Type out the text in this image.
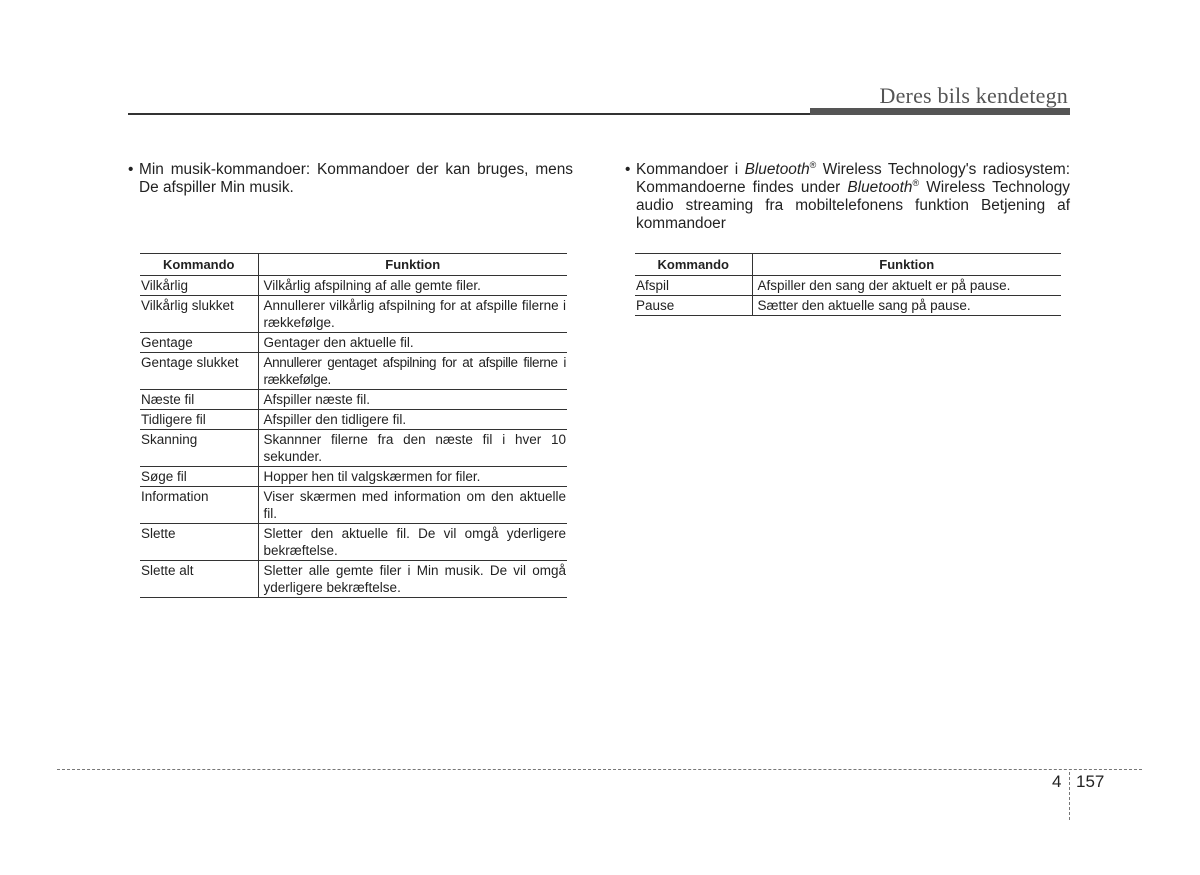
Deres bils kendetegn
• Min musik-kommandoer: Kommandoer der kan bruges, mens De afspiller Min musik.
Kommando	Funktion
Vilkårlig	Vilkårlig afspilning af alle gemte filer.
Vilkårlig slukket	Annullerer vilkårlig afspilning for at afspille filerne i rækkefølge.
Gentage	Gentager den aktuelle fil.
Gentage slukket	Annullerer gentaget afspilning for at afspille filerne i rækkefølge.
Næste fil	Afspiller næste fil.
Tidligere fil	Afspiller den tidligere fil.
Skanning	Skannner filerne fra den næste fil i hver 10 sekunder.
Søge fil	Hopper hen til valgskærmen for filer.
Information	Viser skærmen med information om den aktuelle fil.
Slette	Sletter den aktuelle fil. De vil omgå yderligere bekræftelse.
Slette alt	Sletter alle gemte filer i Min musik. De vil omgå yderligere bekræftelse.
• Kommandoer i Bluetooth® Wireless Technology's radiosystem: Kommandoerne findes under Bluetooth® Wireless Technology audio streaming fra mobiltelefonens funktion Betjening af kommandoer
Kommando	Funktion
Afspil	Afspiller den sang der aktuelt er på pause.
Pause	Sætter den aktuelle sang på pause.
4 157
